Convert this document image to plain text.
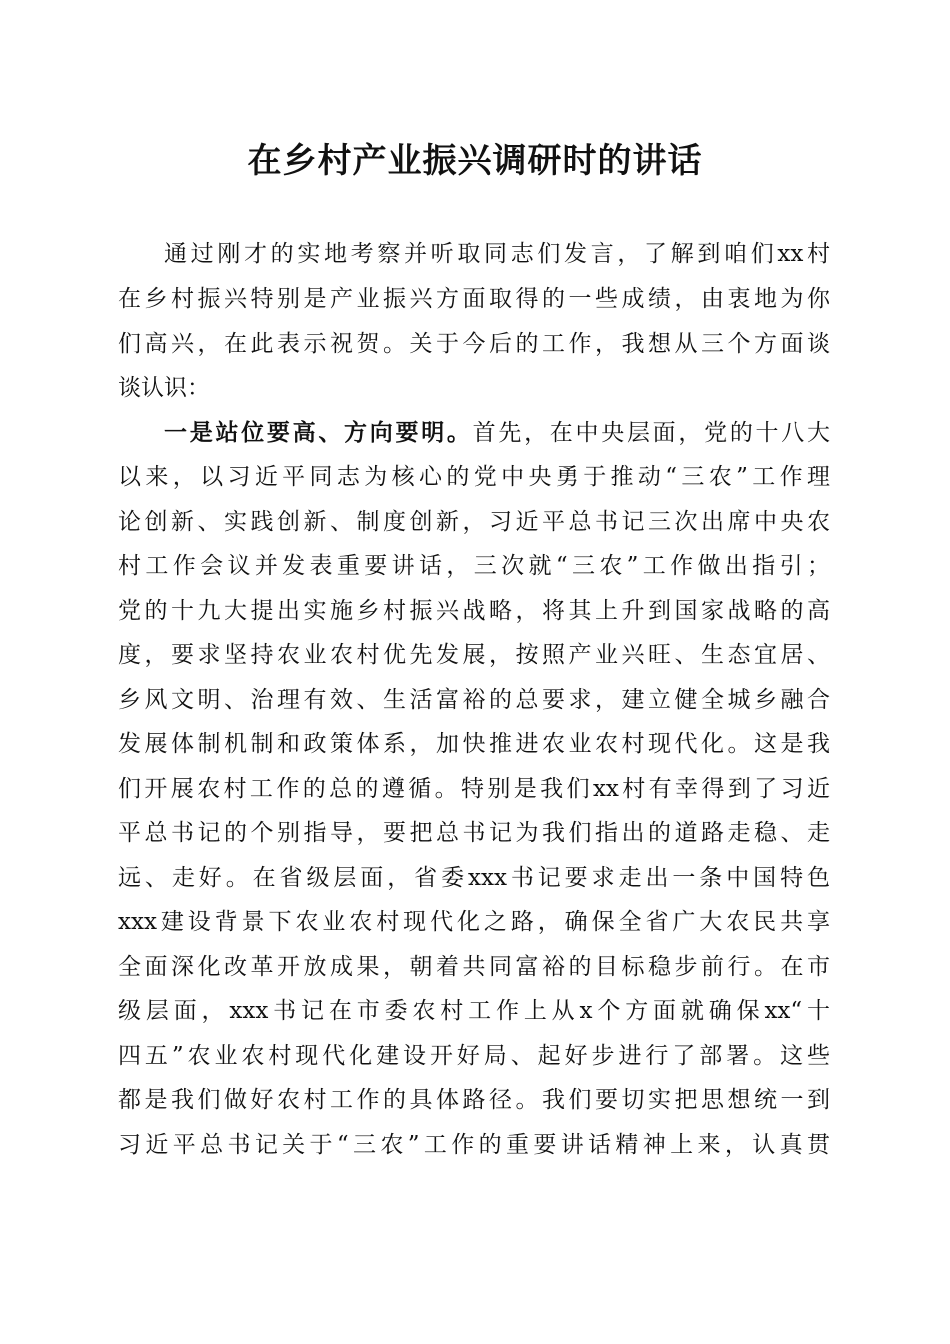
在乡村产业振兴调研时的讲话
通过刚才的实地考察并听取同志们发言，了解到咱们xx村
在乡村振兴特别是产业振兴方面取得的一些成绩，由衷地为你
们高兴，在此表示祝贺。关于今后的工作，我想从三个方面谈
谈认识：
一是站位要高、方向要明。首先，在中央层面，党的十八大
以来，以习近平同志为核心的党中央勇于推动“三农”工作理
论创新、实践创新、制度创新，习近平总书记三次出席中央农
村工作会议并发表重要讲话，三次就“三农”工作做出指引；
党的十九大提出实施乡村振兴战略，将其上升到国家战略的高
度，要求坚持农业农村优先发展，按照产业兴旺、生态宜居、
乡风文明、治理有效、生活富裕的总要求，建立健全城乡融合
发展体制机制和政策体系，加快推进农业农村现代化。这是我
们开展农村工作的总的遵循。特别是我们xx村有幸得到了习近
平总书记的个别指导，要把总书记为我们指出的道路走稳、走
远、走好。在省级层面，省委xxx书记要求走出一条中国特色
xxx建设背景下农业农村现代化之路，确保全省广大农民共享
全面深化改革开放成果，朝着共同富裕的目标稳步前行。在市
级层面，xxx书记在市委农村工作上从x个方面就确保xx“十
四五”农业农村现代化建设开好局、起好步进行了部署。这些
都是我们做好农村工作的具体路径。我们要切实把思想统一到
习近平总书记关于“三农”工作的重要讲话精神上来，认真贯
